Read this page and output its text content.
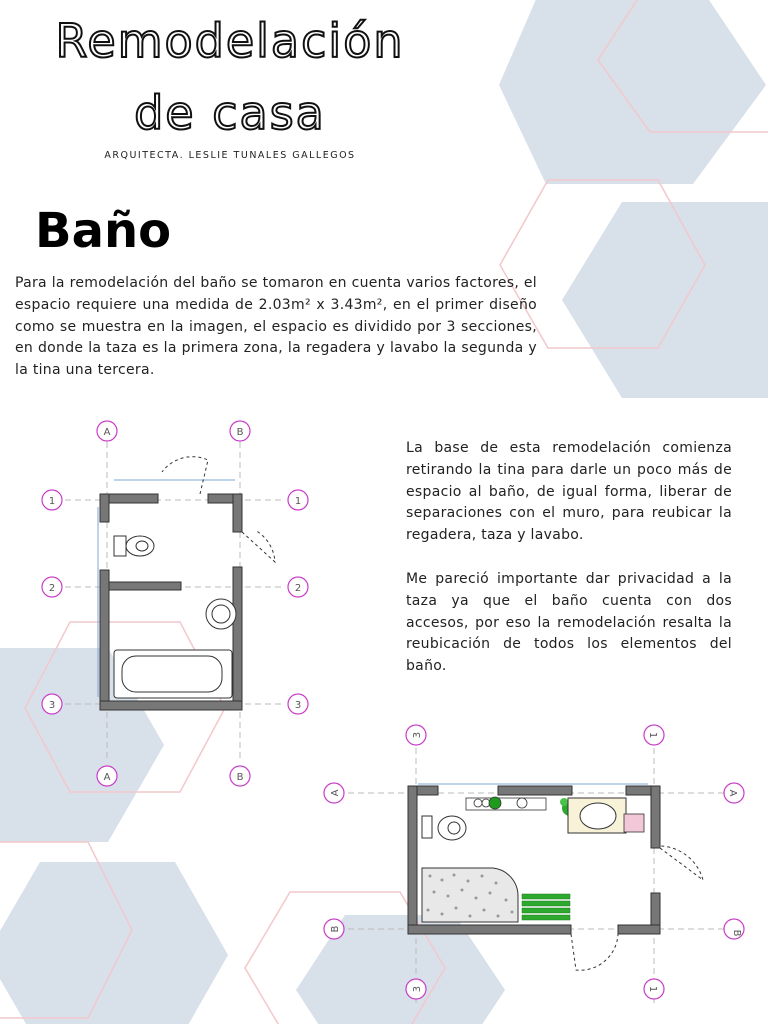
Remodelación
de casa
ARQUITECTA. LESLIE TUNALES GALLEGOS
Baño

Para la remodelación del baño se tomaron en cuenta varios factores, el espacio requiere una medida de 2.03m² x 3.43m², en el primer diseño como se muestra en la imagen, el espacio es dividido por 3 secciones, en donde la taza es la primera zona, la regadera y lavabo la segunda y la tina una tercera.

La base de esta remodelación comienza retirando la tina para darle un poco más de espacio al baño, de igual forma, liberar de separaciones con el muro, para reubicar la regadera, taza y lavabo.

Me pareció importante dar privacidad a la taza ya que el baño cuenta con dos accesos, por eso la remodelación resalta la reubicación de todos los elementos del baño.

A	B
A	B
1	1
2	2
3	3
3	1
3	1
A	A
B
B
